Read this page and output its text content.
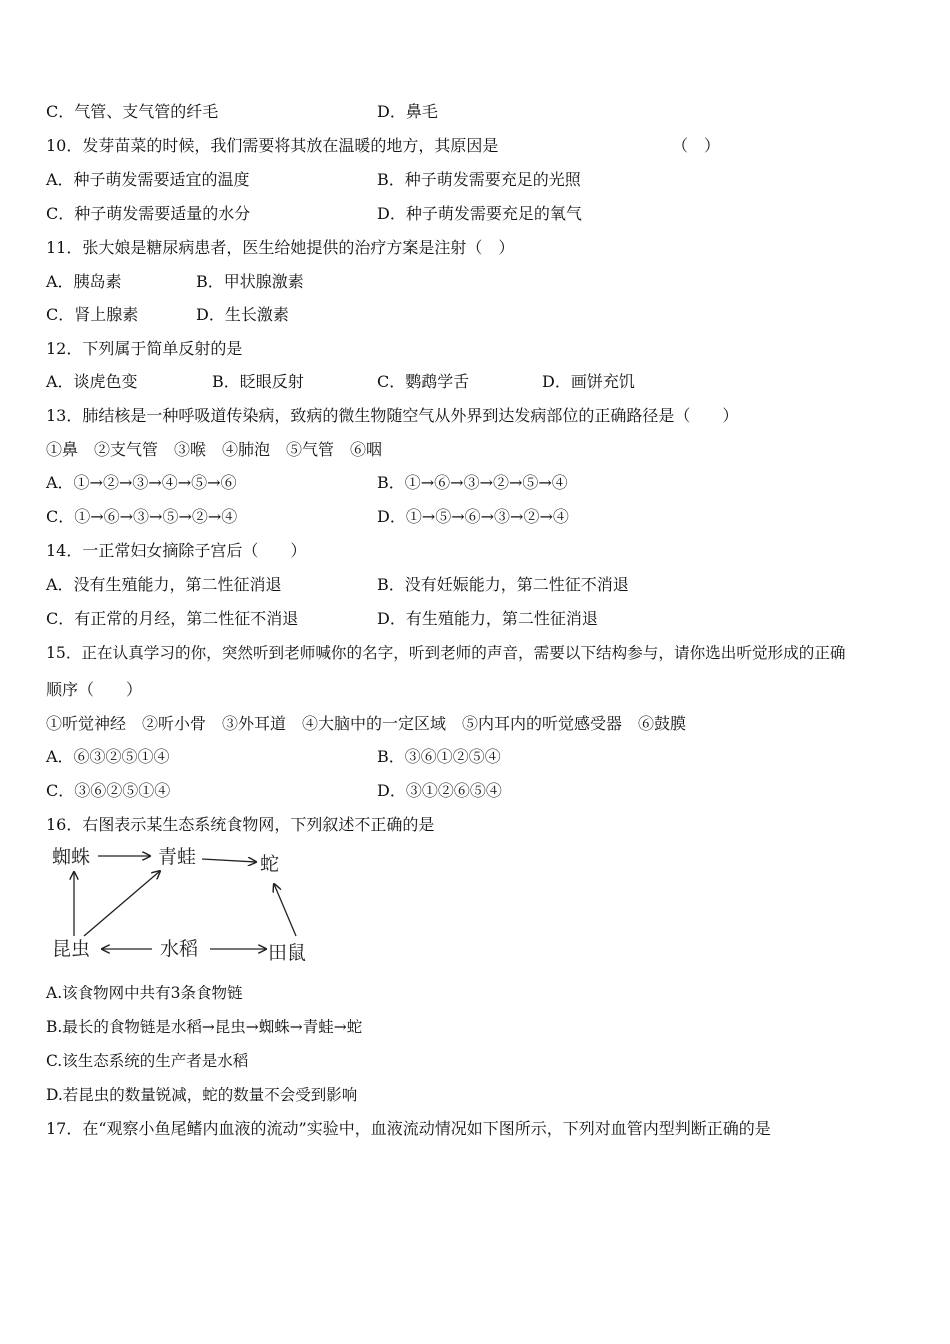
C．气管、支气管的纤毛	D．鼻毛
10．发芽苗菜的时候，我们需要将其放在温暖的地方，其原因是	（　）
A．种子萌发需要适宜的温度	B．种子萌发需要充足的光照
C．种子萌发需要适量的水分	D．种子萌发需要充足的氧气
11．张大娘是糖尿病患者，医生给她提供的治疗方案是注射（　）
A．胰岛素	B．甲状腺激素
C．肾上腺素	D．生长激素
12．下列属于简单反射的是
A．谈虎色变	B．眨眼反射	C．鹦鹉学舌	D．画饼充饥
13．肺结核是一种呼吸道传染病，致病的微生物随空气从外界到达发病部位的正确路径是（　　）
①鼻　②支气管　③喉　④肺泡　⑤气管　⑥咽
A．①→②→③→④→⑤→⑥	B．①→⑥→③→②→⑤→④
C．①→⑥→③→⑤→②→④	D．①→⑤→⑥→③→②→④
14．一正常妇女摘除子宫后（　　）
A．没有生殖能力，第二性征消退	B．没有妊娠能力，第二性征不消退
C．有正常的月经，第二性征不消退	D．有生殖能力，第二性征消退
15．正在认真学习的你，突然听到老师喊你的名字，听到老师的声音，需要以下结构参与，请你选出听觉形成的正确
顺序（　　）
①听觉神经　②听小骨　③外耳道　④大脑中的一定区域　⑤内耳内的听觉感受器　⑥鼓膜
A．⑥③②⑤①④	B．③⑥①②⑤④
C．③⑥②⑤①④	D．③①②⑥⑤④
16．右图表示某生态系统食物网，下列叙述不正确的是
蜘蛛	青蛙	蛇
昆虫	水稻	田鼠
A.该食物网中共有3条食物链
B.最长的食物链是水稻→昆虫→蜘蛛→青蛙→蛇
C.该生态系统的生产者是水稻
D.若昆虫的数量锐减，蛇的数量不会受到影响
17．在“观察小鱼尾鳍内血液的流动”实验中，血液流动情况如下图所示，下列对血管内型判断正确的是
